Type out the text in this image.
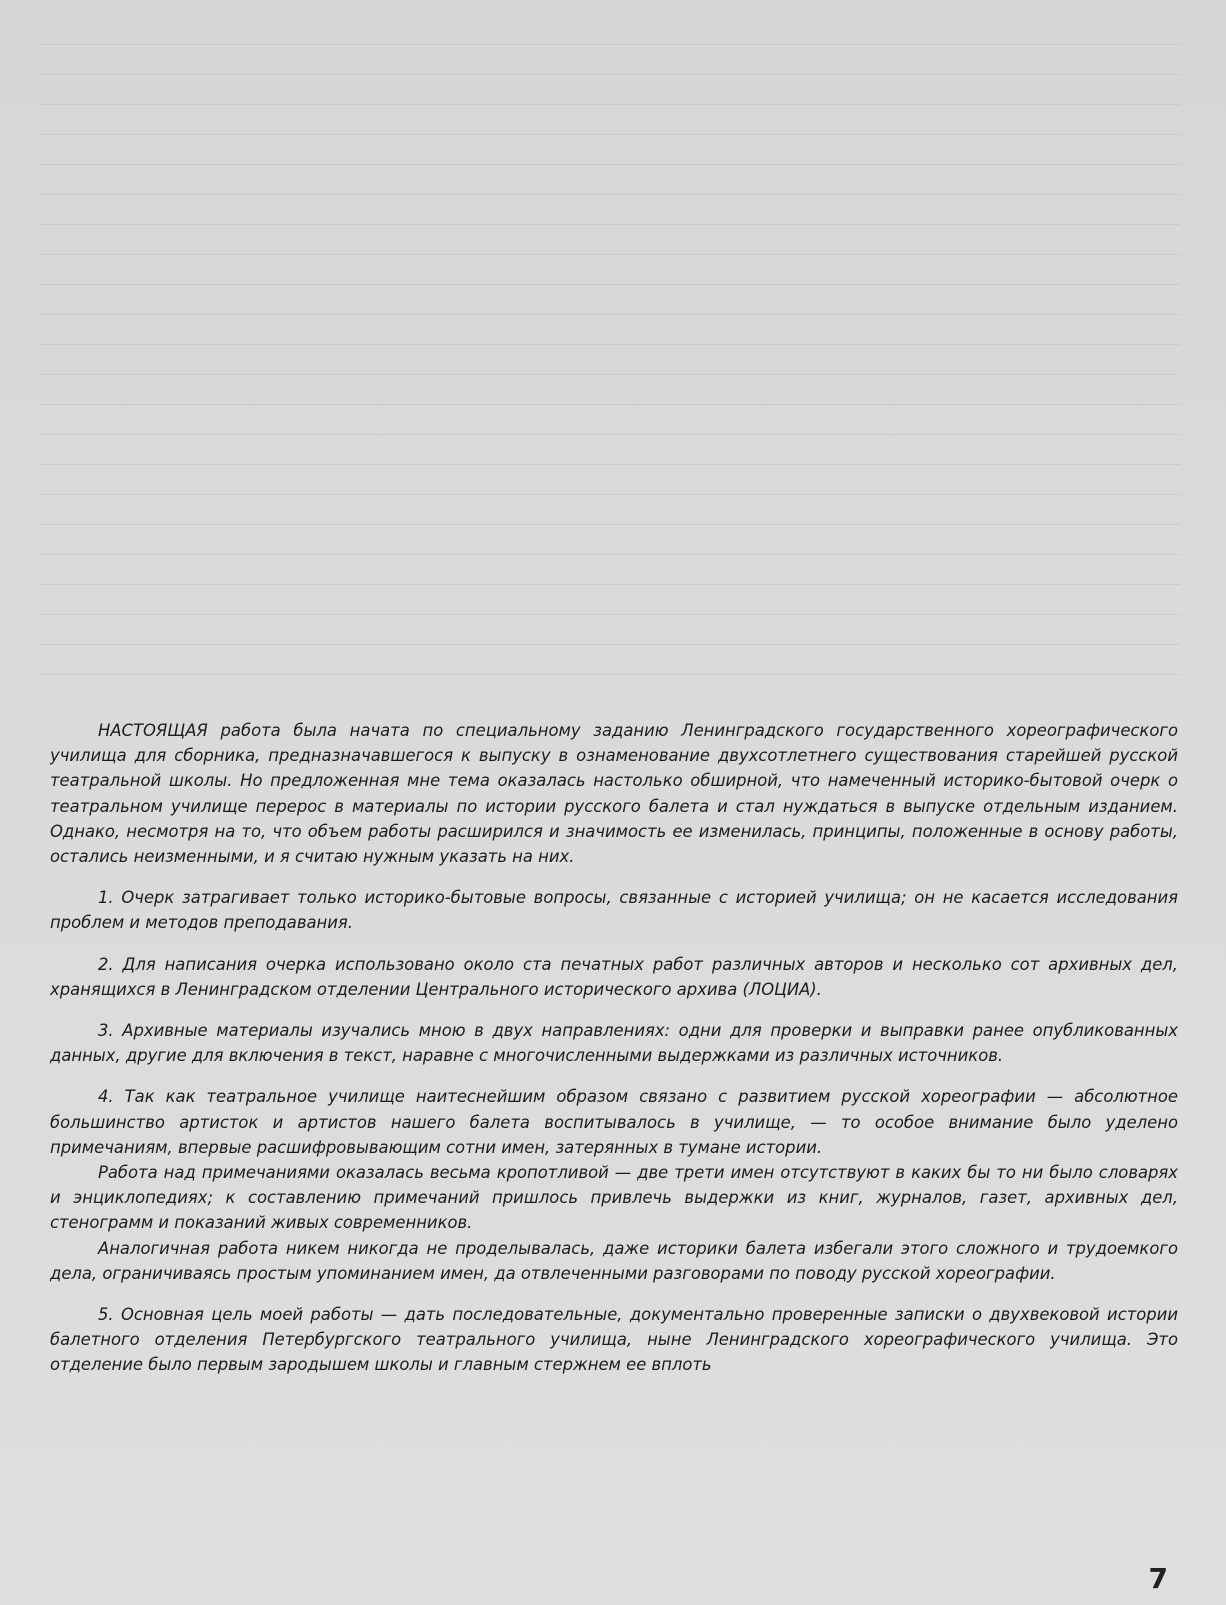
НАСТОЯЩАЯ работа была начата по специальному заданию Ленинградского государственного хореографического училища для сборника, предназначавшегося к выпуску в ознаменование двухсотлетнего существования старейшей русской театральной школы. Но предложенная мне тема оказалась настолько обширной, что намеченный историко-бытовой очерк о театральном училище перерос в материалы по истории русского балета и стал нуждаться в выпуске отдельным изданием. Однако, несмотря на то, что объем работы расширился и значимость ее изменилась, принципы, положенные в основу работы, остались неизменными, и я считаю нужным указать на них.

1. Очерк затрагивает только историко-бытовые вопросы, связанные с историей училища; он не касается исследования проблем и методов преподавания.

2. Для написания очерка использовано около ста печатных работ различных авторов и несколько сот архивных дел, хранящихся в Ленинградском отделении Центрального исторического архива (ЛОЦИА).

3. Архивные материалы изучались мною в двух направлениях: одни для проверки и выправки ранее опубликованных данных, другие для включения в текст, наравне с многочисленными выдержками из различных источников.

4. Так как театральное училище наитеснейшим образом связано с развитием русской хореографии — абсолютное большинство артисток и артистов нашего балета воспитывалось в училище, — то особое внимание было уделено примечаниям, впервые расшифровывающим сотни имен, затерянных в тумане истории.

Работа над примечаниями оказалась весьма кропотливой — две трети имен отсутствуют в каких бы то ни было словарях и энциклопедиях; к составлению примечаний пришлось привлечь выдержки из книг, журналов, газет, архивных дел, стенограмм и показаний живых современников.

Аналогичная работа никем никогда не проделывалась, даже историки балета избегали этого сложного и трудоемкого дела, ограничиваясь простым упоминанием имен, да отвлеченными разговорами по поводу русской хореографии.

5. Основная цель моей работы — дать последовательные, документально проверенные записки о двухвековой истории балетного отделения Петербургского театрального училища, ныне Ленинградского хореографического училища. Это отделение было первым зародышем школы и главным стержнем ее вплоть

7
